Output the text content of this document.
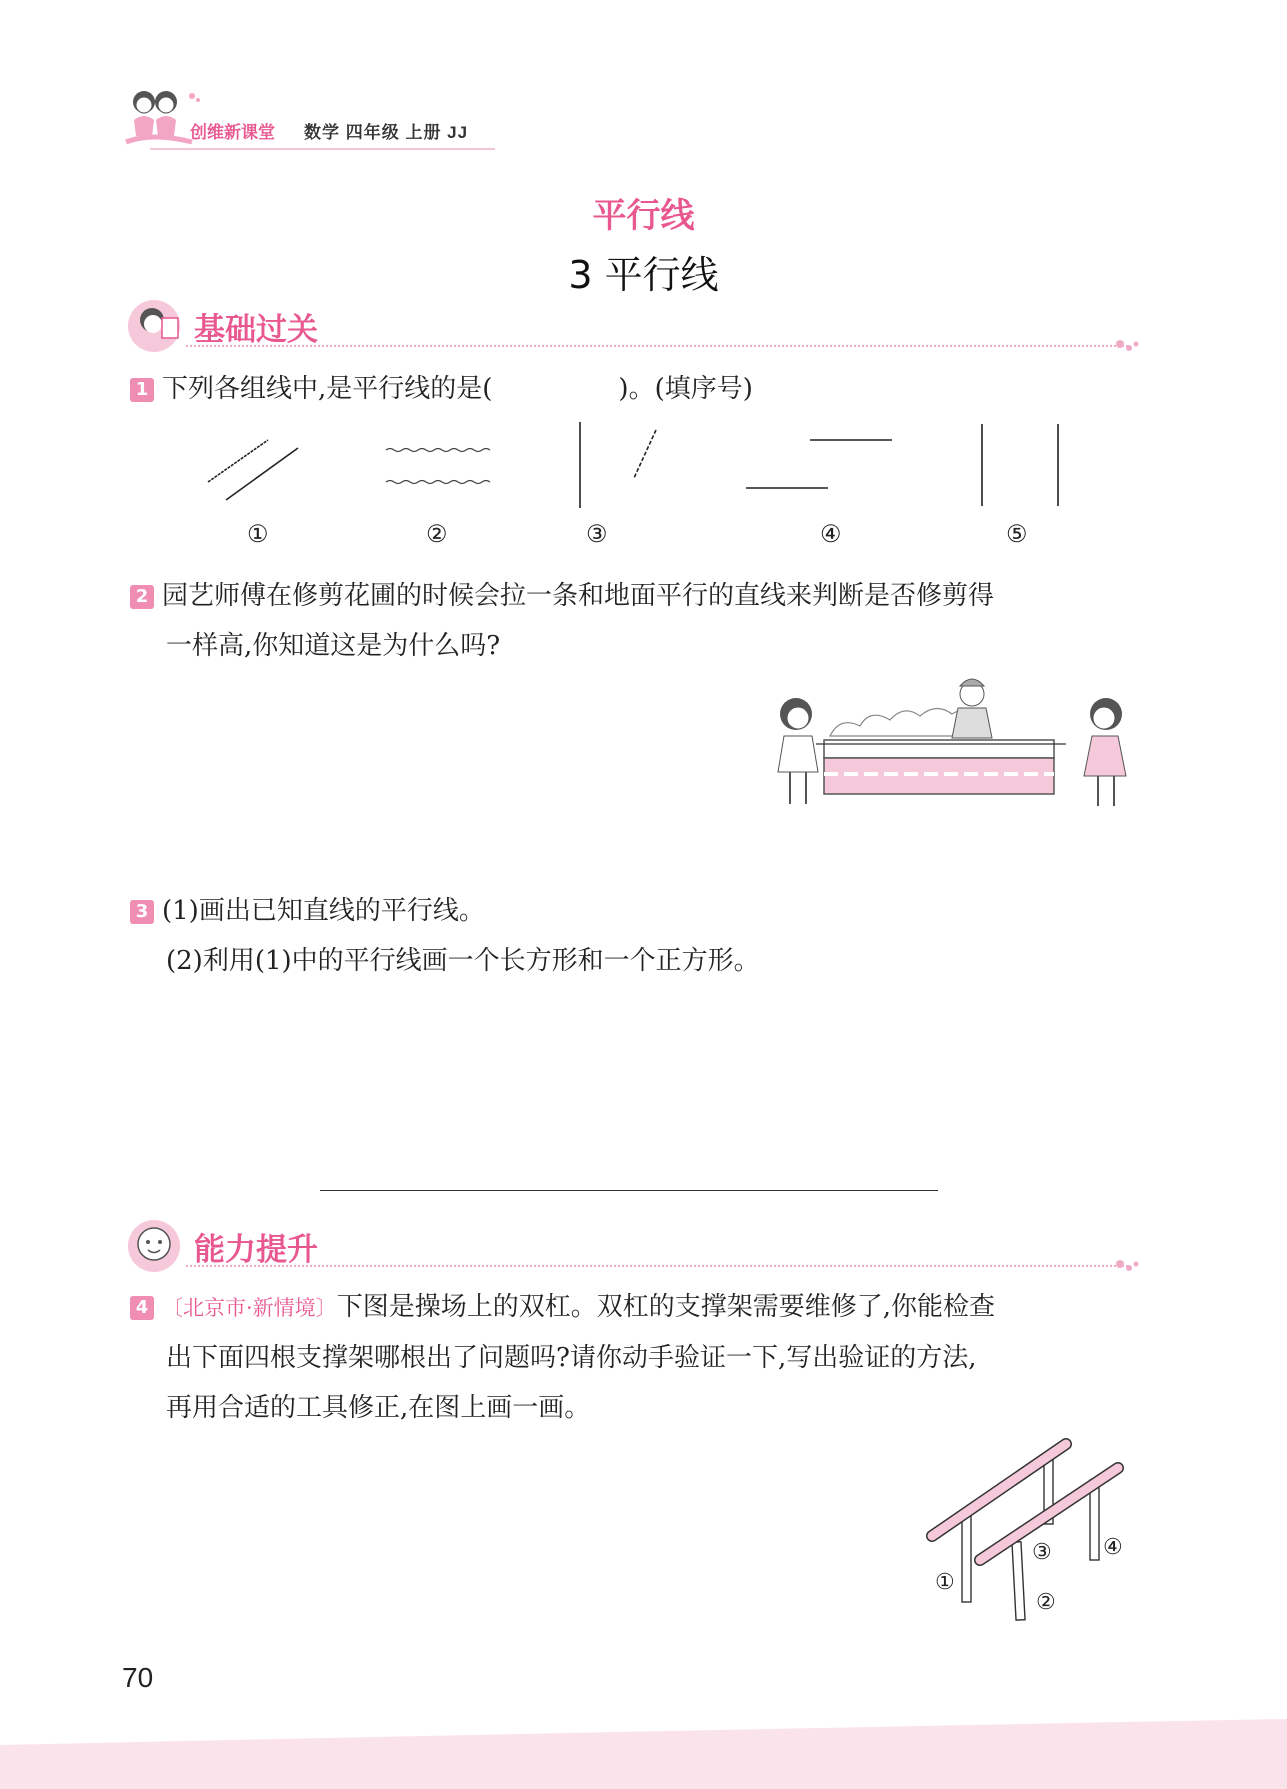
创维新课堂 数学 四年级 上册 JJ
平行线
3 平行线
基础过关
1 下列各组线中,是平行线的是(	)。(填序号)
①	②	③	④	⑤
2 园艺师傅在修剪花圃的时候会拉一条和地面平行的直线来判断是否修剪得
一样高,你知道这是为什么吗?
3 (1)画出已知直线的平行线。
(2)利用(1)中的平行线画一个长方形和一个正方形。
能力提升
4 〔北京市·新情境〕下图是操场上的双杠。双杠的支撑架需要维修了,你能检查
出下面四根支撑架哪根出了问题吗?请你动手验证一下,写出验证的方法,
再用合适的工具修正,在图上画一画。
①
②
③ ④
70
